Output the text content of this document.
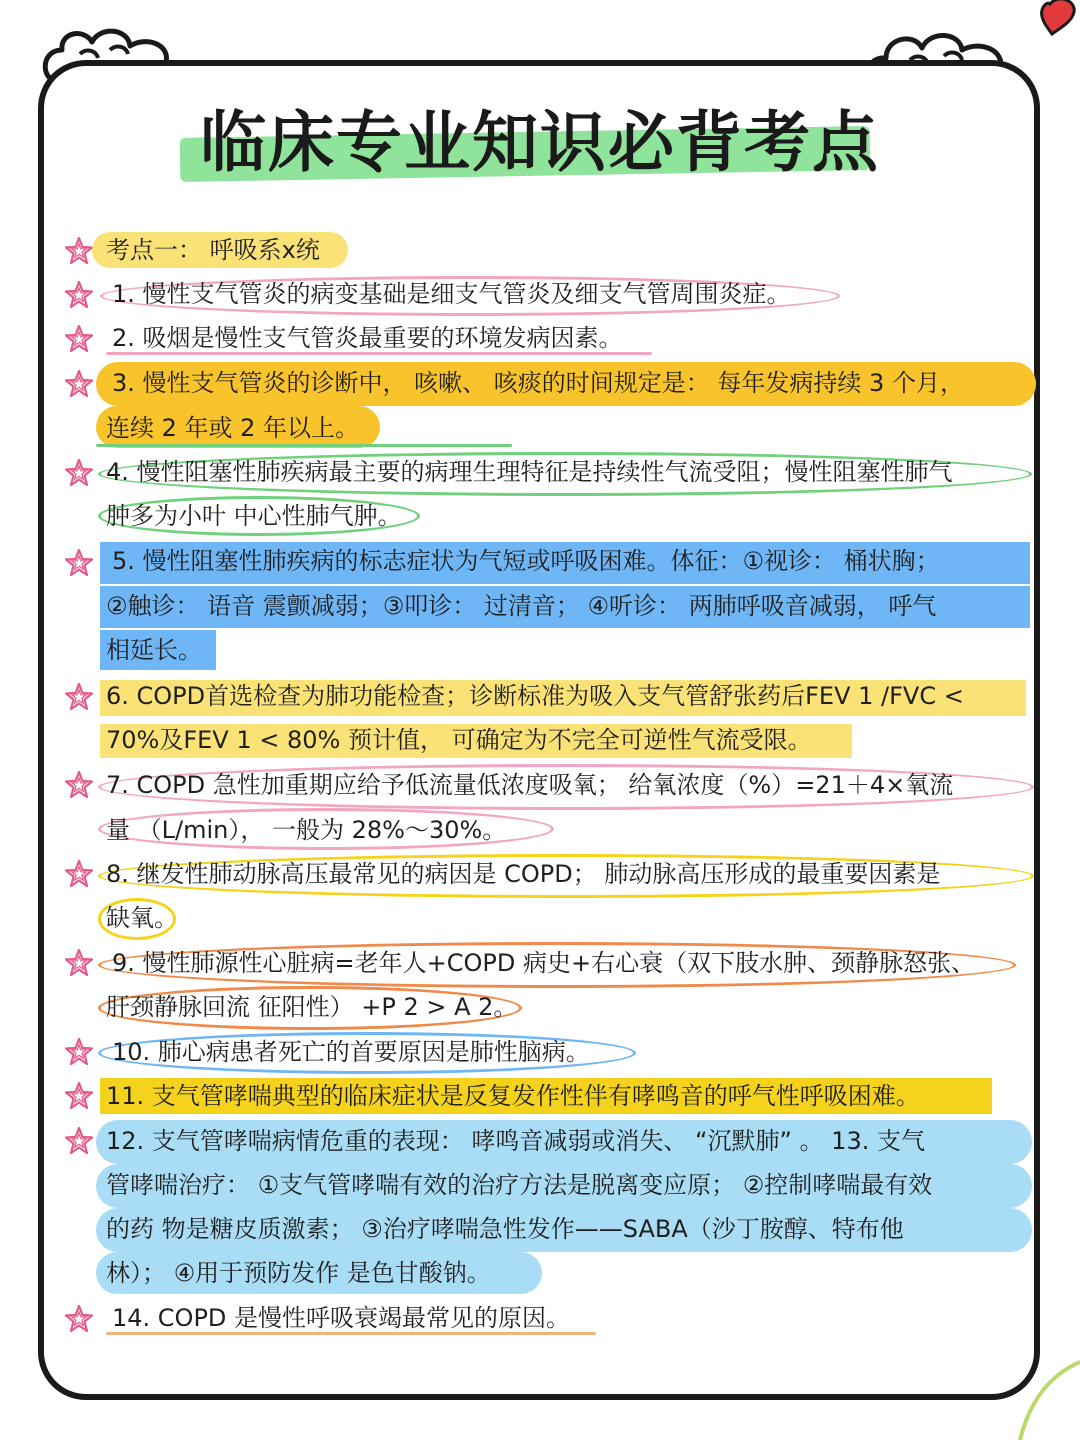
临床专业知识必背考点
考点一： 呼吸系x统
1. 慢性支气管炎的病变基础是细支气管炎及细支气管周围炎症。
2. 吸烟是慢性支气管炎最重要的环境发病因素。
3. 慢性支气管炎的诊断中， 咳嗽、 咳痰的时间规定是： 每年发病持续 3 个月，
连续 2 年或 2 年以上。
4. 慢性阻塞性肺疾病最主要的病理生理特征是持续性气流受阻；慢性阻塞性肺气
肿多为小叶 中心性肺气肿。
5. 慢性阻塞性肺疾病的标志症状为气短或呼吸困难。体征：①视诊： 桶状胸；
②触诊： 语音 震颤减弱；③叩诊： 过清音； ④听诊： 两肺呼吸音减弱， 呼气
相延长。
6. COPD首选检查为肺功能检查；诊断标准为吸入支气管舒张药后FEV 1 /FVC <
70%及FEV 1 < 80% 预计值， 可确定为不完全可逆性气流受限。
7. COPD 急性加重期应给予低流量低浓度吸氧； 给氧浓度（%）=21＋4×氧流
量 （L/min）， 一般为 28%～30%。
8. 继发性肺动脉高压最常见的病因是 COPD； 肺动脉高压形成的最重要因素是
缺氧。
9. 慢性肺源性心脏病=老年人+COPD 病史+右心衰（双下肢水肿、颈静脉怒张、
肝颈静脉回流 征阳性） +P 2 > A 2。
10. 肺心病患者死亡的首要原因是肺性脑病。
11. 支气管哮喘典型的临床症状是反复发作性伴有哮鸣音的呼气性呼吸困难。
12. 支气管哮喘病情危重的表现： 哮鸣音减弱或消失、 “沉默肺” 。 13. 支气
管哮喘治疗： ①支气管哮喘有效的治疗方法是脱离变应原； ②控制哮喘最有效
的药 物是糖皮质激素； ③治疗哮喘急性发作——SABA（沙丁胺醇、特布他
林）； ④用于预防发作 是色甘酸钠。
14. COPD 是慢性呼吸衰竭最常见的原因。
